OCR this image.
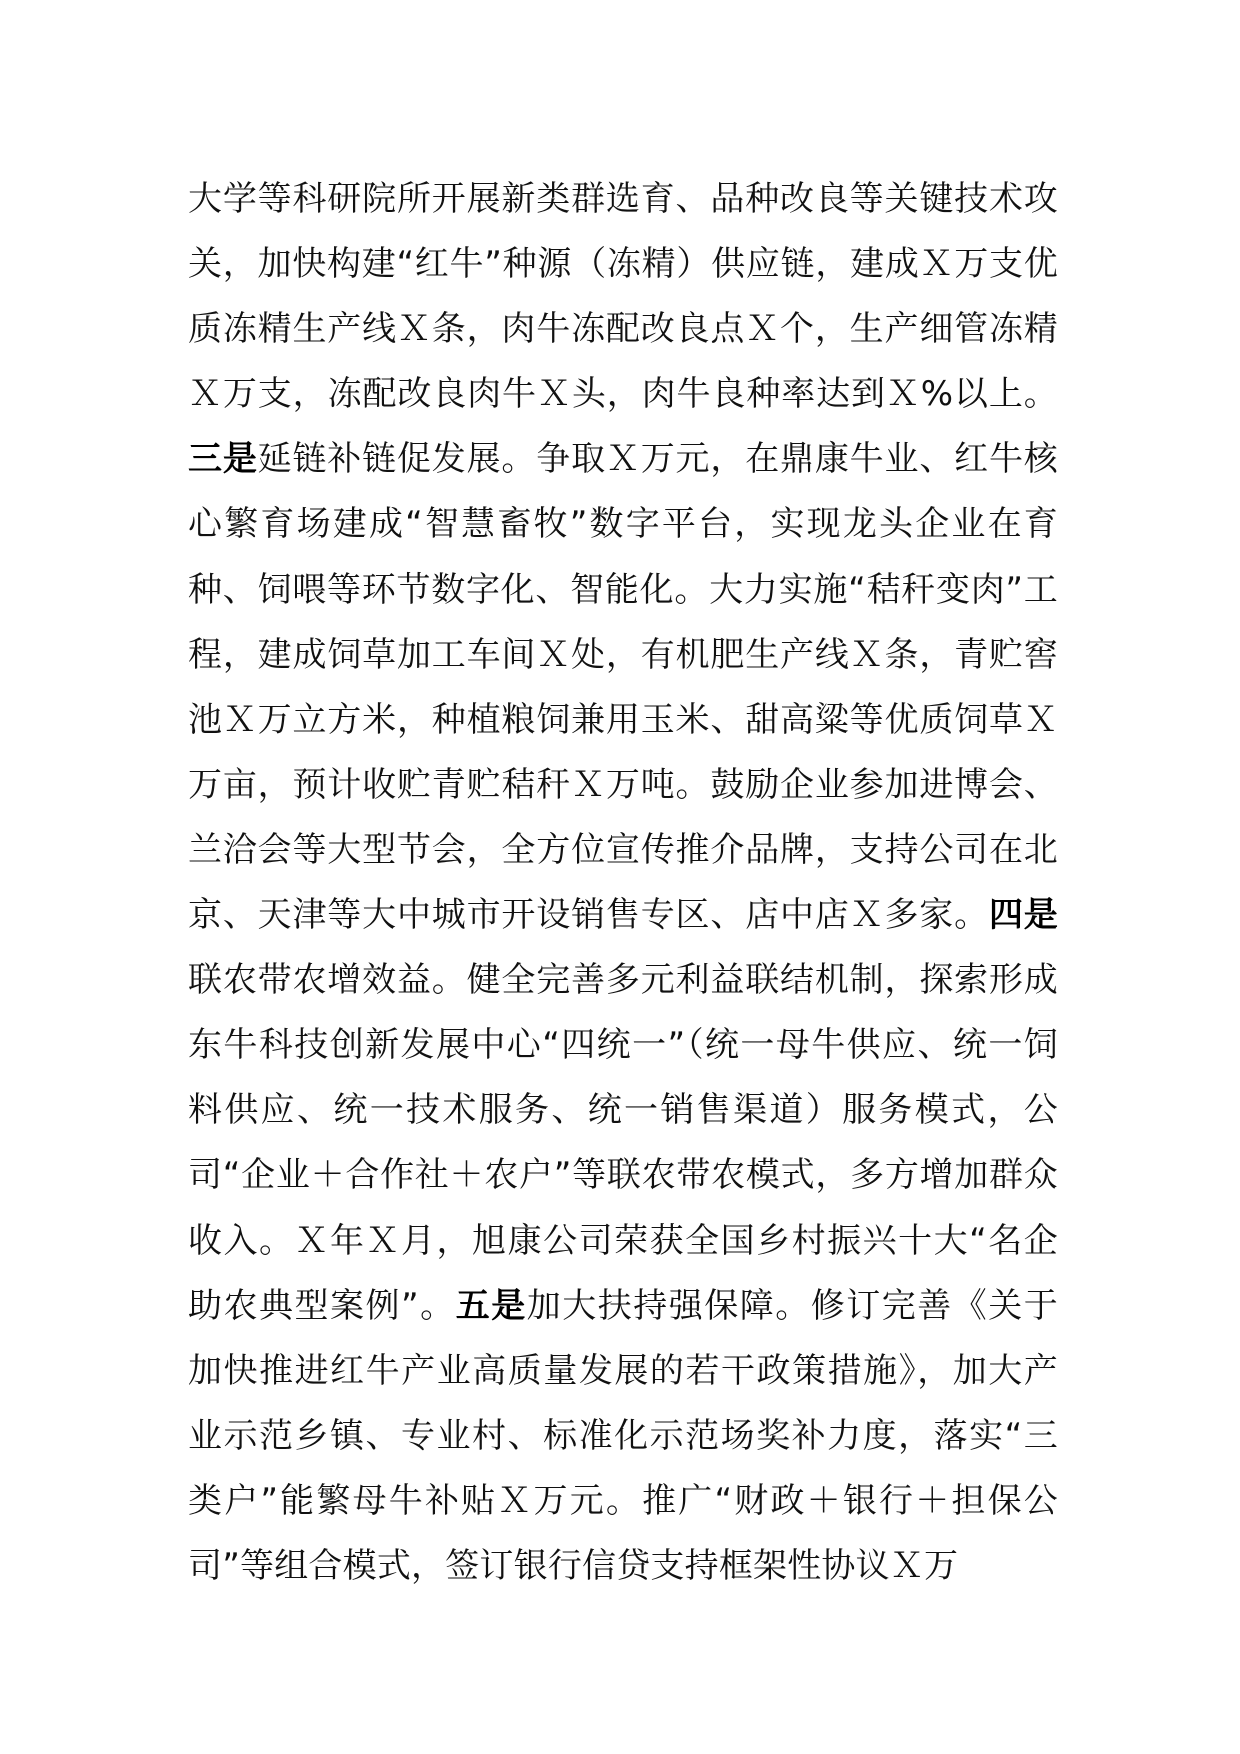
大学等科研院所开展新类群选育、品种改良等关键技术攻关，加快构建“红牛”种源（冻精）供应链，建成Ｘ万支优质冻精生产线Ｘ条，肉牛冻配改良点Ｘ个，生产细管冻精Ｘ万支，冻配改良肉牛Ｘ头，肉牛良种率达到Ｘ%以上。三是延链补链促发展。争取Ｘ万元，在鼎康牛业、红牛核心繁育场建成“智慧畜牧”数字平台，实现龙头企业在育种、饲喂等环节数字化、智能化。大力实施“秸秆变肉”工程，建成饲草加工车间Ｘ处，有机肥生产线Ｘ条，青贮窖池Ｘ万立方米，种植粮饲兼用玉米、甜高粱等优质饲草Ｘ万亩，预计收贮青贮秸秆Ｘ万吨。鼓励企业参加进博会、兰洽会等大型节会，全方位宣传推介品牌，支持公司在北京、天津等大中城市开设销售专区、店中店Ｘ多家。四是联农带农增效益。健全完善多元利益联结机制，探索形成东牛科技创新发展中心“四统一”（统一母牛供应、统一饲料供应、统一技术服务、统一销售渠道）服务模式，公司“企业＋合作社＋农户”等联农带农模式，多方增加群众收入。Ｘ年Ｘ月，旭康公司荣获全国乡村振兴十大“名企助农典型案例”。五是加大扶持强保障。修订完善《关于加快推进红牛产业高质量发展的若干政策措施》，加大产业示范乡镇、专业村、标准化示范场奖补力度，落实“三类户”能繁母牛补贴Ｘ万元。推广“财政＋银行＋担保公司”等组合模式，签订银行信贷支持框架性协议Ｘ万
